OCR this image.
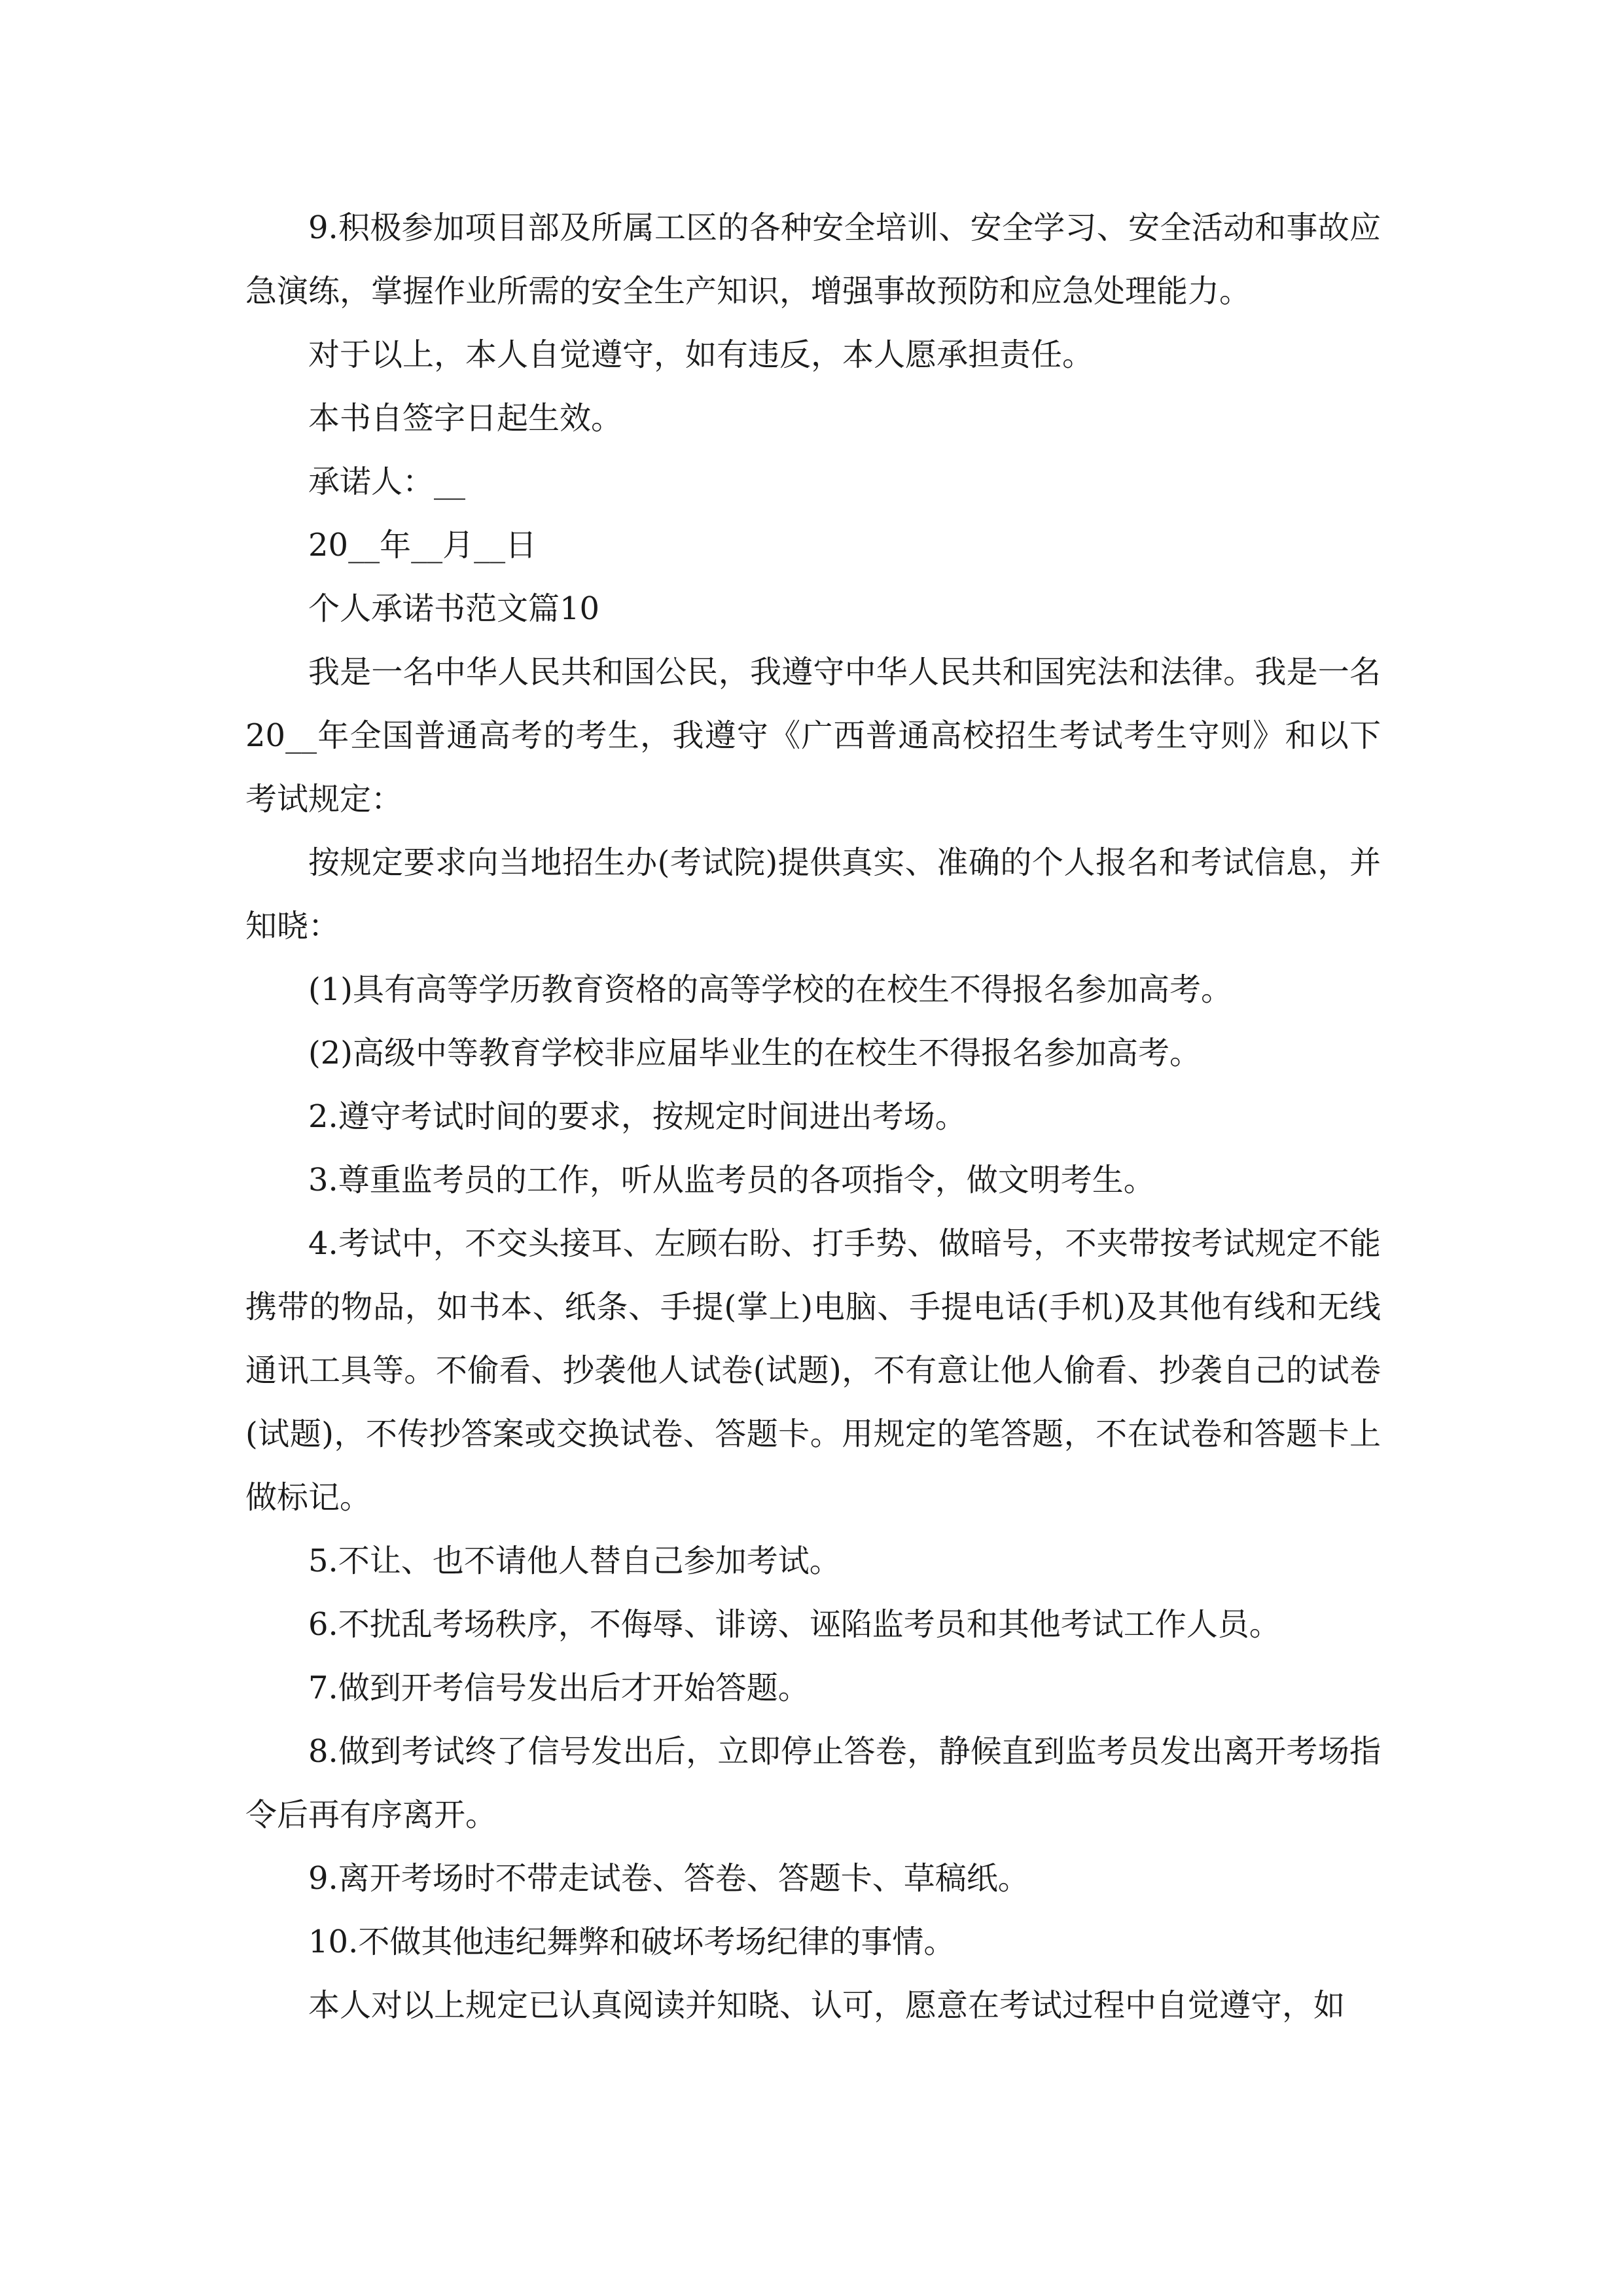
9.积极参加项目部及所属工区的各种安全培训、安全学习、安全活动和事故应急演练，掌握作业所需的安全生产知识，增强事故预防和应急处理能力。

对于以上，本人自觉遵守，如有违反，本人愿承担责任。

本书自签字日起生效。

承诺人：__

20__年__月__日

个人承诺书范文篇10

我是一名中华人民共和国公民，我遵守中华人民共和国宪法和法律。我是一名20__年全国普通高考的考生，我遵守《广西普通高校招生考试考生守则》和以下考试规定：

按规定要求向当地招生办(考试院)提供真实、准确的个人报名和考试信息，并知晓：

(1)具有高等学历教育资格的高等学校的在校生不得报名参加高考。

(2)高级中等教育学校非应届毕业生的在校生不得报名参加高考。

2.遵守考试时间的要求，按规定时间进出考场。

3.尊重监考员的工作，听从监考员的各项指令，做文明考生。

4.考试中，不交头接耳、左顾右盼、打手势、做暗号，不夹带按考试规定不能携带的物品，如书本、纸条、手提(掌上)电脑、手提电话(手机)及其他有线和无线通讯工具等。不偷看、抄袭他人试卷(试题)，不有意让他人偷看、抄袭自己的试卷(试题)，不传抄答案或交换试卷、答题卡。用规定的笔答题，不在试卷和答题卡上做标记。

5.不让、也不请他人替自己参加考试。

6.不扰乱考场秩序，不侮辱、诽谤、诬陷监考员和其他考试工作人员。

7.做到开考信号发出后才开始答题。

8.做到考试终了信号发出后，立即停止答卷，静候直到监考员发出离开考场指令后再有序离开。

9.离开考场时不带走试卷、答卷、答题卡、草稿纸。

10.不做其他违纪舞弊和破坏考场纪律的事情。

本人对以上规定已认真阅读并知晓、认可，愿意在考试过程中自觉遵守，如
